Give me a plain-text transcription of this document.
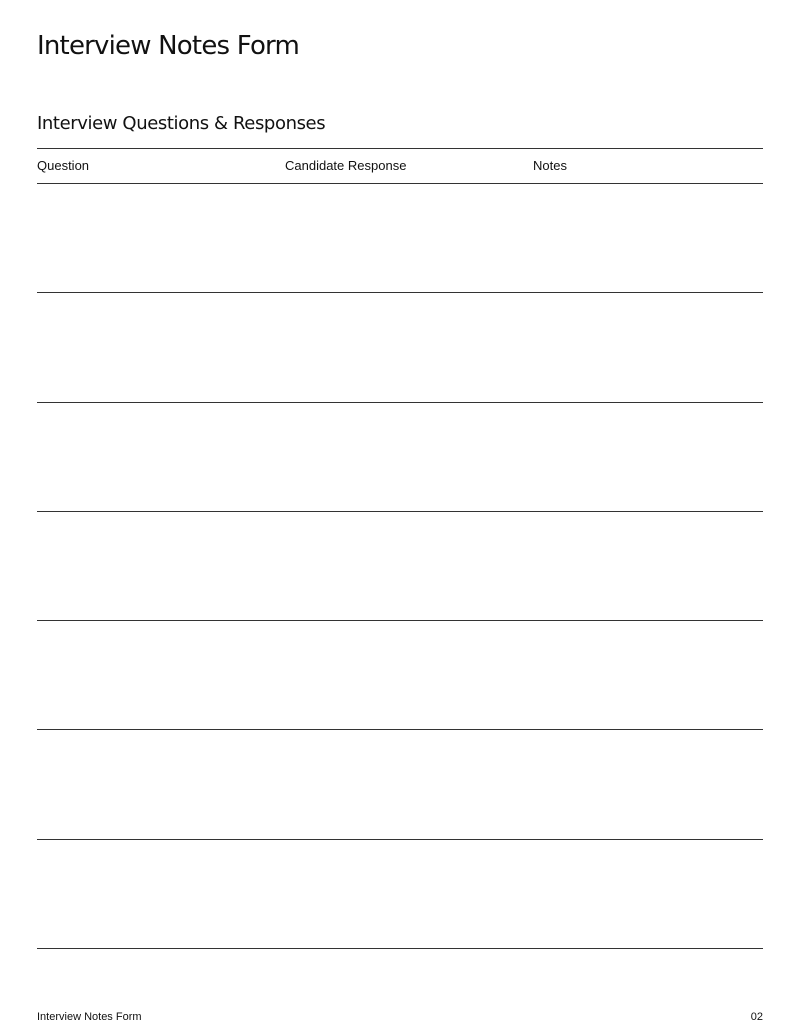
Interview Notes Form
Interview Questions & Responses
Question	Candidate Response	Notes
Interview Notes Form	02
